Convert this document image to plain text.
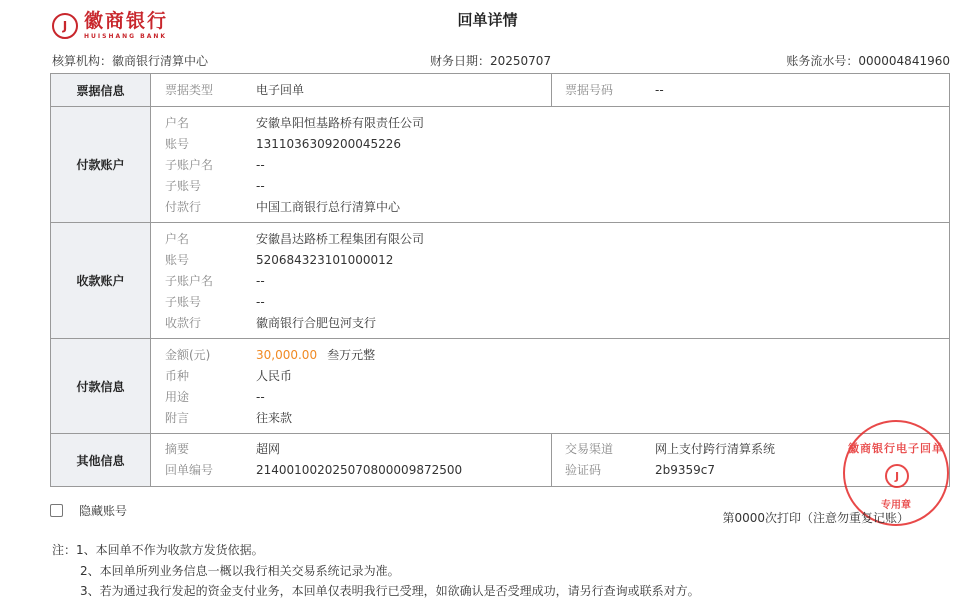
J 徽商银行
HUISHANG BANK
回单详情
核算机构：徽商银行清算中心	财务日期：20250707	账务流水号：000004841960
票据信息	票据类型	电子回单	票据号码	--
付款账户
户名	安徽阜阳恒基路桥有限责任公司
账号	1311036309200045226
子账户名	--
子账号	--
付款行	中国工商银行总行清算中心
收款账户
户名	安徽昌达路桥工程集团有限公司
账号	520684323101000012
子账户名	--
子账号	--
收款行	徽商银行合肥包河支行
付款信息
金额(元)	30,000.00 叁万元整
币种	人民币
用途	--
附言	往来款
其他信息
摘要	超网
回单编号	21400100202507080000987250​0
交易渠道	网上支付跨行清算系统
验证码	2b9359c7
徽商银行电子回单
J
专用章
隐藏账号	第0000次打印（注意勿重复记账）
注：1、本回单不作为收款方发货依据。
2、本回单所列业务信息一概以我行相关交易系统记录为准。
3、若为通过我行发起的资金支付业务，本回单仅表明我行已受理，如欲确认是否受理成功，请另行查询或联系对方。
